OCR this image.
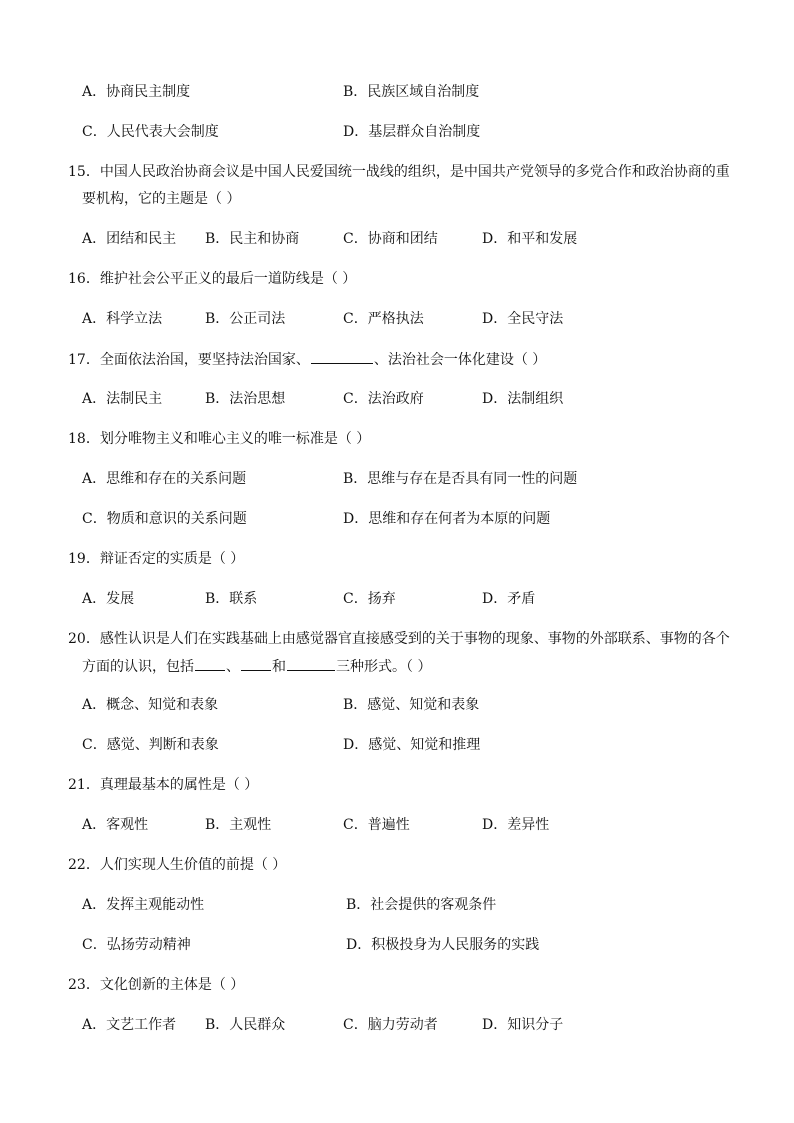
A．协商民主制度	B．民族区域自治制度
C．人民代表大会制度	D．基层群众自治制度
15．中国人民政治协商会议是中国人民爱国统一战线的组织，是中国共产党领导的多党合作和政治协商的重
要机构，它的主题是（ ）
A．团结和民主 B．民主和协商	C．协商和团结	D．和平和发展
16．维护社会公平正义的最后一道防线是（ ）
A．科学立法	B．公正司法	C．严格执法	D．全民守法
17．全面依法治国，要坚持法治国家、	、法治社会一体化建设（ ）
A．法制民主	B．法治思想	C．法治政府	D．法制组织
18．划分唯物主义和唯心主义的唯一标准是（ ）
A．思维和存在的关系问题	B．思维与存在是否具有同一性的问题
C．物质和意识的关系问题	D．思维和存在何者为本原的问题
19．辩证否定的实质是（ ）
A．发展	B．联系	C．扬弃	D．矛盾
20．感性认识是人们在实践基础上由感觉器官直接感受到的关于事物的现象、事物的外部联系、事物的各个
方面的认识，包括 、 和	三种形式。（ ）
A．概念、知觉和表象	B．感觉、知觉和表象
C．感觉、判断和表象	D．感觉、知觉和推理
21．真理最基本的属性是（ ）
A．客观性	B．主观性	C．普遍性	D．差异性
22．人们实现人生价值的前提（ ）
A．发挥主观能动性	B．社会提供的客观条件
C．弘扬劳动精神	D．积极投身为人民服务的实践
23．文化创新的主体是（ ）
A．文艺工作者 B．人民群众	C．脑力劳动者	D．知识分子
